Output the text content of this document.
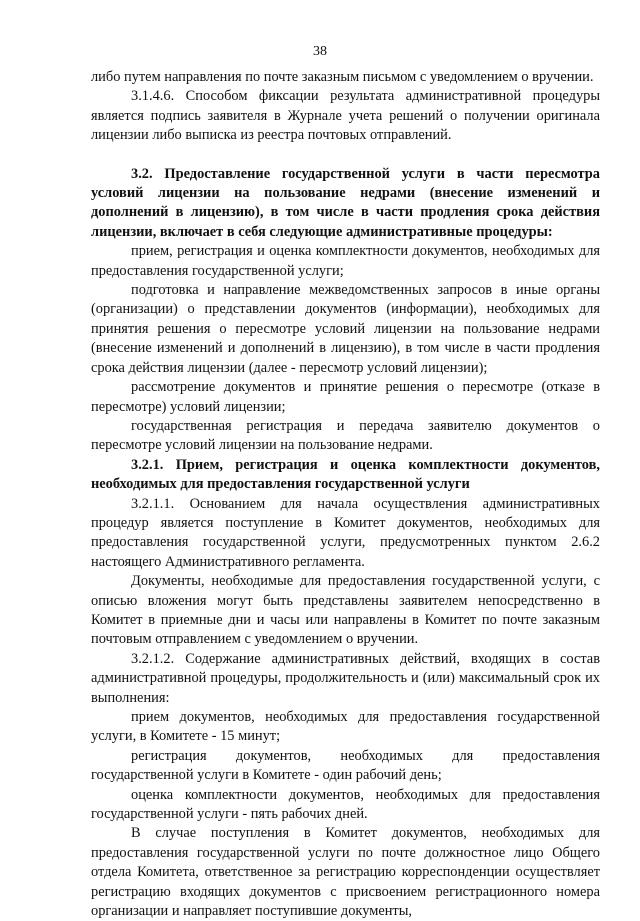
38

либо путем направления по почте заказным письмом с уведомлением о вручении.

3.1.4.6. Способом фиксации результата административной процедуры является подпись заявителя в Журнале учета решений о получении оригинала лицензии либо выписка из реестра почтовых отправлений.

3.2. Предоставление государственной услуги в части пересмотра условий лицензии на пользование недрами (внесение изменений и дополнений в лицензию), в том числе в части продления срока действия лицензии, включает в себя следующие административные процедуры:

прием, регистрация и оценка комплектности документов, необходимых для предоставления государственной услуги;

подготовка и направление межведомственных запросов в иные органы (организации) о представлении документов (информации), необходимых для принятия решения о пересмотре условий лицензии на пользование недрами (внесение изменений и дополнений в лицензию), в том числе в части продления срока действия лицензии (далее - пересмотр условий лицензии);

рассмотрение документов и принятие решения о пересмотре (отказе в пересмотре) условий лицензии;

государственная регистрация и передача заявителю документов о пересмотре условий лицензии на пользование недрами.

3.2.1. Прием, регистрация и оценка комплектности документов, необходимых для предоставления государственной услуги

3.2.1.1. Основанием для начала осуществления административных процедур является поступление в Комитет документов, необходимых для предоставления государственной услуги, предусмотренных пунктом 2.6.2 настоящего Административного регламента.

Документы, необходимые для предоставления государственной услуги, с описью вложения могут быть представлены заявителем непосредственно в Комитет в приемные дни и часы или направлены в Комитет по почте заказным почтовым отправлением с уведомлением о вручении.

3.2.1.2. Содержание административных действий, входящих в состав административной процедуры, продолжительность и (или) максимальный срок их выполнения:

прием документов, необходимых для предоставления государственной услуги, в Комитете - 15 минут;

регистрация документов, необходимых для предоставления государственной услуги в Комитете - один рабочий день;

оценка комплектности документов, необходимых для предоставления государственной услуги - пять рабочих дней.

В случае поступления в Комитет документов, необходимых для предоставления государственной услуги по почте должностное лицо Общего отдела Комитета, ответственное за регистрацию корреспонденции осуществляет регистрацию входящих документов с присвоением регистрационного номера организации и направляет поступившие документы,
